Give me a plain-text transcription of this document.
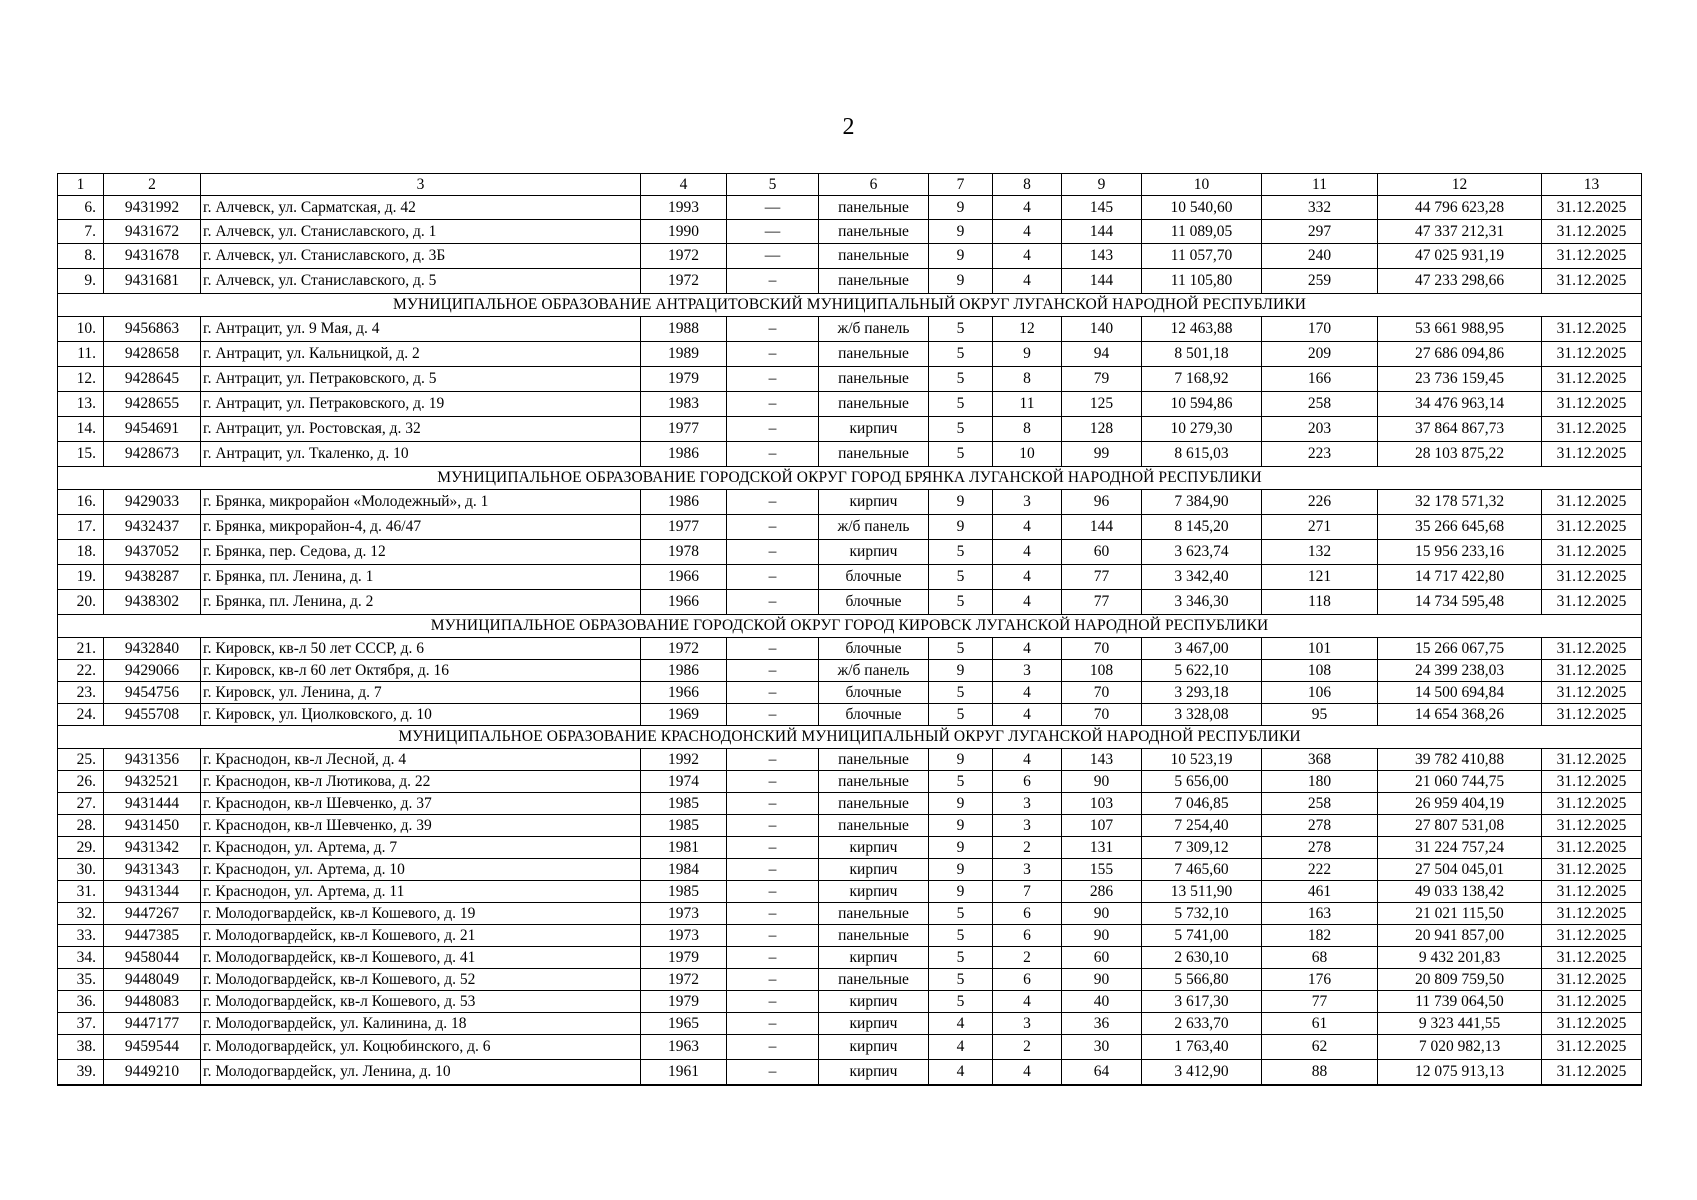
2
1	2	3	4	5	6	7	8	9	10	11	12	13
6.	9431992	г. Алчевск, ул. Сарматская, д. 42	1993	—	панельные	9	4	145	10 540,60	332	44 796 623,28	31.12.2025
7.	9431672	г. Алчевск, ул. Станиславского, д. 1	1990	—	панельные	9	4	144	11 089,05	297	47 337 212,31	31.12.2025
8.	9431678	г. Алчевск, ул. Станиславского, д. 3Б	1972	—	панельные	9	4	143	11 057,70	240	47 025 931,19	31.12.2025
9.	9431681	г. Алчевск, ул. Станиславского, д. 5	1972	–	панельные	9	4	144	11 105,80	259	47 233 298,66	31.12.2025
МУНИЦИПАЛЬНОЕ ОБРАЗОВАНИЕ АНТРАЦИТОВСКИЙ МУНИЦИПАЛЬНЫЙ ОКРУГ ЛУГАНСКОЙ НАРОДНОЙ РЕСПУБЛИКИ												
10.	9456863	г. Антрацит, ул. 9 Мая, д. 4	1988	–	ж/б панель	5	12	140	12 463,88	170	53 661 988,95	31.12.2025
11.	9428658	г. Антрацит, ул. Кальницкой, д. 2	1989	–	панельные	5	9	94	8 501,18	209	27 686 094,86	31.12.2025
12.	9428645	г. Антрацит, ул. Петраковского, д. 5	1979	–	панельные	5	8	79	7 168,92	166	23 736 159,45	31.12.2025
13.	9428655	г. Антрацит, ул. Петраковского, д. 19	1983	–	панельные	5	11	125	10 594,86	258	34 476 963,14	31.12.2025
14.	9454691	г. Антрацит, ул. Ростовская, д. 32	1977	–	кирпич	5	8	128	10 279,30	203	37 864 867,73	31.12.2025
15.	9428673	г. Антрацит, ул. Ткаленко, д. 10	1986	–	панельные	5	10	99	8 615,03	223	28 103 875,22	31.12.2025
МУНИЦИПАЛЬНОЕ ОБРАЗОВАНИЕ ГОРОДСКОЙ ОКРУГ ГОРОД БРЯНКА ЛУГАНСКОЙ НАРОДНОЙ РЕСПУБЛИКИ												
16.	9429033	г. Брянка, микрорайон «Молодежный», д. 1	1986	–	кирпич	9	3	96	7 384,90	226	32 178 571,32	31.12.2025
17.	9432437	г. Брянка, микрорайон-4, д. 46/47	1977	–	ж/б панель	9	4	144	8 145,20	271	35 266 645,68	31.12.2025
18.	9437052	г. Брянка, пер. Седова, д. 12	1978	–	кирпич	5	4	60	3 623,74	132	15 956 233,16	31.12.2025
19.	9438287	г. Брянка, пл. Ленина, д. 1	1966	–	блочные	5	4	77	3 342,40	121	14 717 422,80	31.12.2025
20.	9438302	г. Брянка, пл. Ленина, д. 2	1966	–	блочные	5	4	77	3 346,30	118	14 734 595,48	31.12.2025
МУНИЦИПАЛЬНОЕ ОБРАЗОВАНИЕ ГОРОДСКОЙ ОКРУГ ГОРОД КИРОВСК ЛУГАНСКОЙ НАРОДНОЙ РЕСПУБЛИКИ												
21.	9432840	г. Кировск, кв-л 50 лет СССР, д. 6	1972	–	блочные	5	4	70	3 467,00	101	15 266 067,75	31.12.2025
22.	9429066	г. Кировск, кв-л 60 лет Октября, д. 16	1986	–	ж/б панель	9	3	108	5 622,10	108	24 399 238,03	31.12.2025
23.	9454756	г. Кировск, ул. Ленина, д. 7	1966	–	блочные	5	4	70	3 293,18	106	14 500 694,84	31.12.2025
24.	9455708	г. Кировск, ул. Циолковского, д. 10	1969	–	блочные	5	4	70	3 328,08	95	14 654 368,26	31.12.2025
МУНИЦИПАЛЬНОЕ ОБРАЗОВАНИЕ КРАСНОДОНСКИЙ МУНИЦИПАЛЬНЫЙ ОКРУГ ЛУГАНСКОЙ НАРОДНОЙ РЕСПУБЛИКИ												
25.	9431356	г. Краснодон, кв-л Лесной, д. 4	1992	–	панельные	9	4	143	10 523,19	368	39 782 410,88	31.12.2025
26.	9432521	г. Краснодон, кв-л Лютикова, д. 22	1974	–	панельные	5	6	90	5 656,00	180	21 060 744,75	31.12.2025
27.	9431444	г. Краснодон, кв-л Шевченко, д. 37	1985	–	панельные	9	3	103	7 046,85	258	26 959 404,19	31.12.2025
28.	9431450	г. Краснодон, кв-л Шевченко, д. 39	1985	–	панельные	9	3	107	7 254,40	278	27 807 531,08	31.12.2025
29.	9431342	г. Краснодон, ул. Артема, д. 7	1981	–	кирпич	9	2	131	7 309,12	278	31 224 757,24	31.12.2025
30.	9431343	г. Краснодон, ул. Артема, д. 10	1984	–	кирпич	9	3	155	7 465,60	222	27 504 045,01	31.12.2025
31.	9431344	г. Краснодон, ул. Артема, д. 11	1985	–	кирпич	9	7	286	13 511,90	461	49 033 138,42	31.12.2025
32.	9447267	г. Молодогвардейск, кв-л Кошевого, д. 19	1973	–	панельные	5	6	90	5 732,10	163	21 021 115,50	31.12.2025
33.	9447385	г. Молодогвардейск, кв-л Кошевого, д. 21	1973	–	панельные	5	6	90	5 741,00	182	20 941 857,00	31.12.2025
34.	9458044	г. Молодогвардейск, кв-л Кошевого, д. 41	1979	–	кирпич	5	2	60	2 630,10	68	9 432 201,83	31.12.2025
35.	9448049	г. Молодогвардейск, кв-л Кошевого, д. 52	1972	–	панельные	5	6	90	5 566,80	176	20 809 759,50	31.12.2025
36.	9448083	г. Молодогвардейск, кв-л Кошевого, д. 53	1979	–	кирпич	5	4	40	3 617,30	77	11 739 064,50	31.12.2025
37.	9447177	г. Молодогвардейск, ул. Калинина, д. 18	1965	–	кирпич	4	3	36	2 633,70	61	9 323 441,55	31.12.2025
38.	9459544	г. Молодогвардейск, ул. Коцюбинского, д. 6	1963	–	кирпич	4	2	30	1 763,40	62	7 020 982,13	31.12.2025
39.	9449210	г. Молодогвардейск, ул. Ленина, д. 10	1961	–	кирпич	4	4	64	3 412,90	88	12 075 913,13	31.12.2025
